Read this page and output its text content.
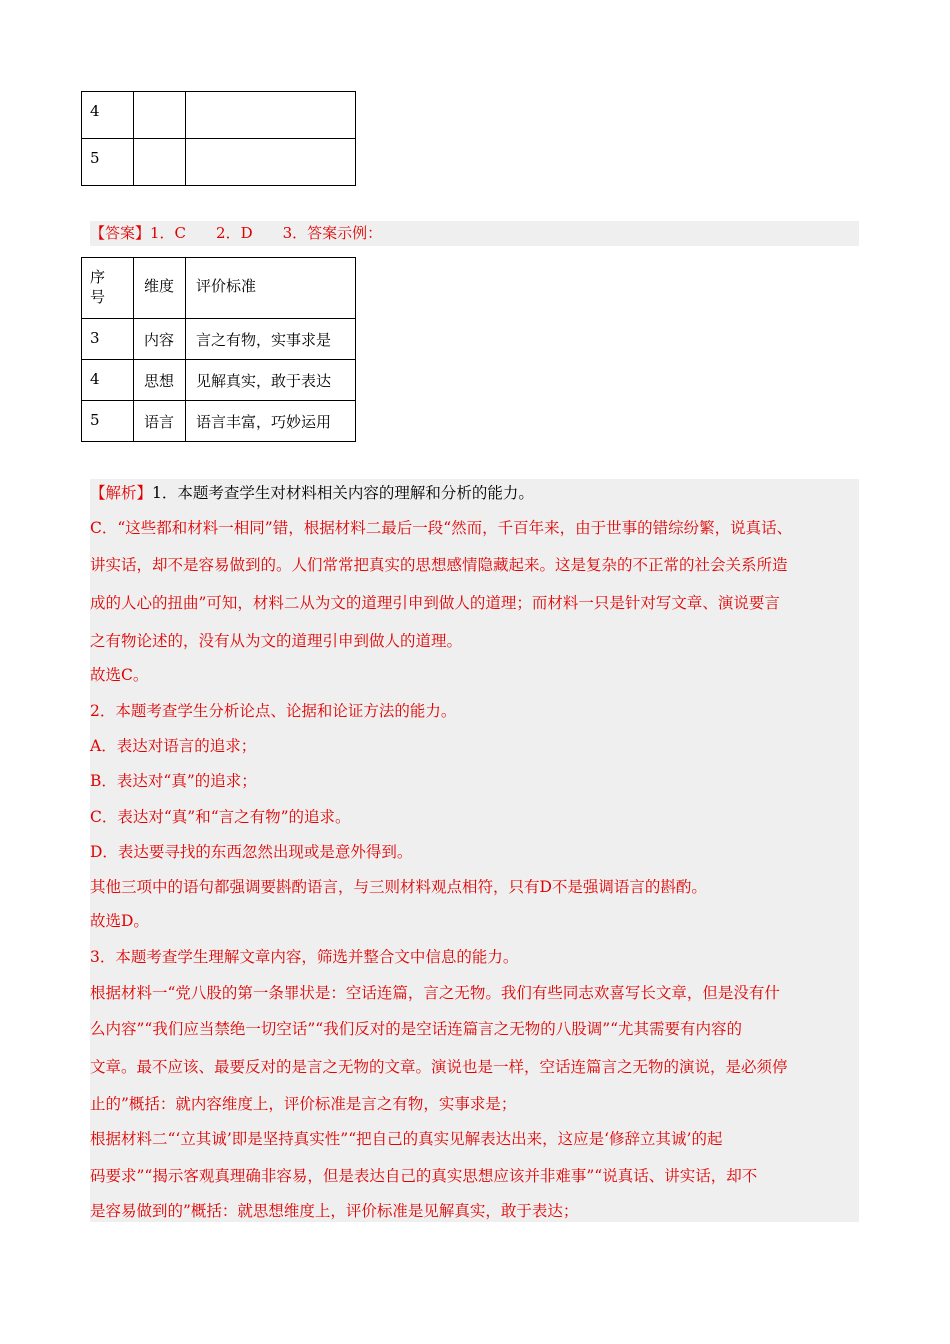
4		

5		

【答案】1．C　　2．D　　3．答案示例：
序
号	维度	评价标准

3	内容	言之有物，实事求是

4	思想	见解真实，敢于表达

5	语言	语言丰富，巧妙运用
【解析】1．本题考查学生对材料相关内容的理解和分析的能力。
C．“这些都和材料一相同”错，根据材料二最后一段“然而，千百年来，由于世事的错综纷繁，说真话、
讲实话，却不是容易做到的。人们常常把真实的思想感情隐藏起来。这是复杂的不正常的社会关系所造
成的人心的扭曲”可知，材料二从为文的道理引申到做人的道理；而材料一只是针对写文章、演说要言
之有物论述的，没有从为文的道理引申到做人的道理。
故选C。
2．本题考查学生分析论点、论据和论证方法的能力。
A．表达对语言的追求；
B．表达对“真”的追求；
C．表达对“真”和“言之有物”的追求。
D．表达要寻找的东西忽然出现或是意外得到。
其他三项中的语句都强调要斟酌语言，与三则材料观点相符，只有D不是强调语言的斟酌。
故选D。
3．本题考查学生理解文章内容，筛选并整合文中信息的能力。
根据材料一“党八股的第一条罪状是：空话连篇，言之无物。我们有些同志欢喜写长文章，但是没有什
么内容”“我们应当禁绝一切空话”“我们反对的是空话连篇言之无物的八股调”“尤其需要有内容的
文章。最不应该、最要反对的是言之无物的文章。演说也是一样，空话连篇言之无物的演说，是必须停
止的”概括：就内容维度上，评价标准是言之有物，实事求是；
根据材料二“‘立其诚’即是坚持真实性”“把自己的真实见解表达出来，这应是‘修辞立其诚’的起
码要求”“揭示客观真理确非容易，但是表达自己的真实思想应该并非难事”“说真话、讲实话，却不
是容易做到的”概括：就思想维度上，评价标准是见解真实，敢于表达；
